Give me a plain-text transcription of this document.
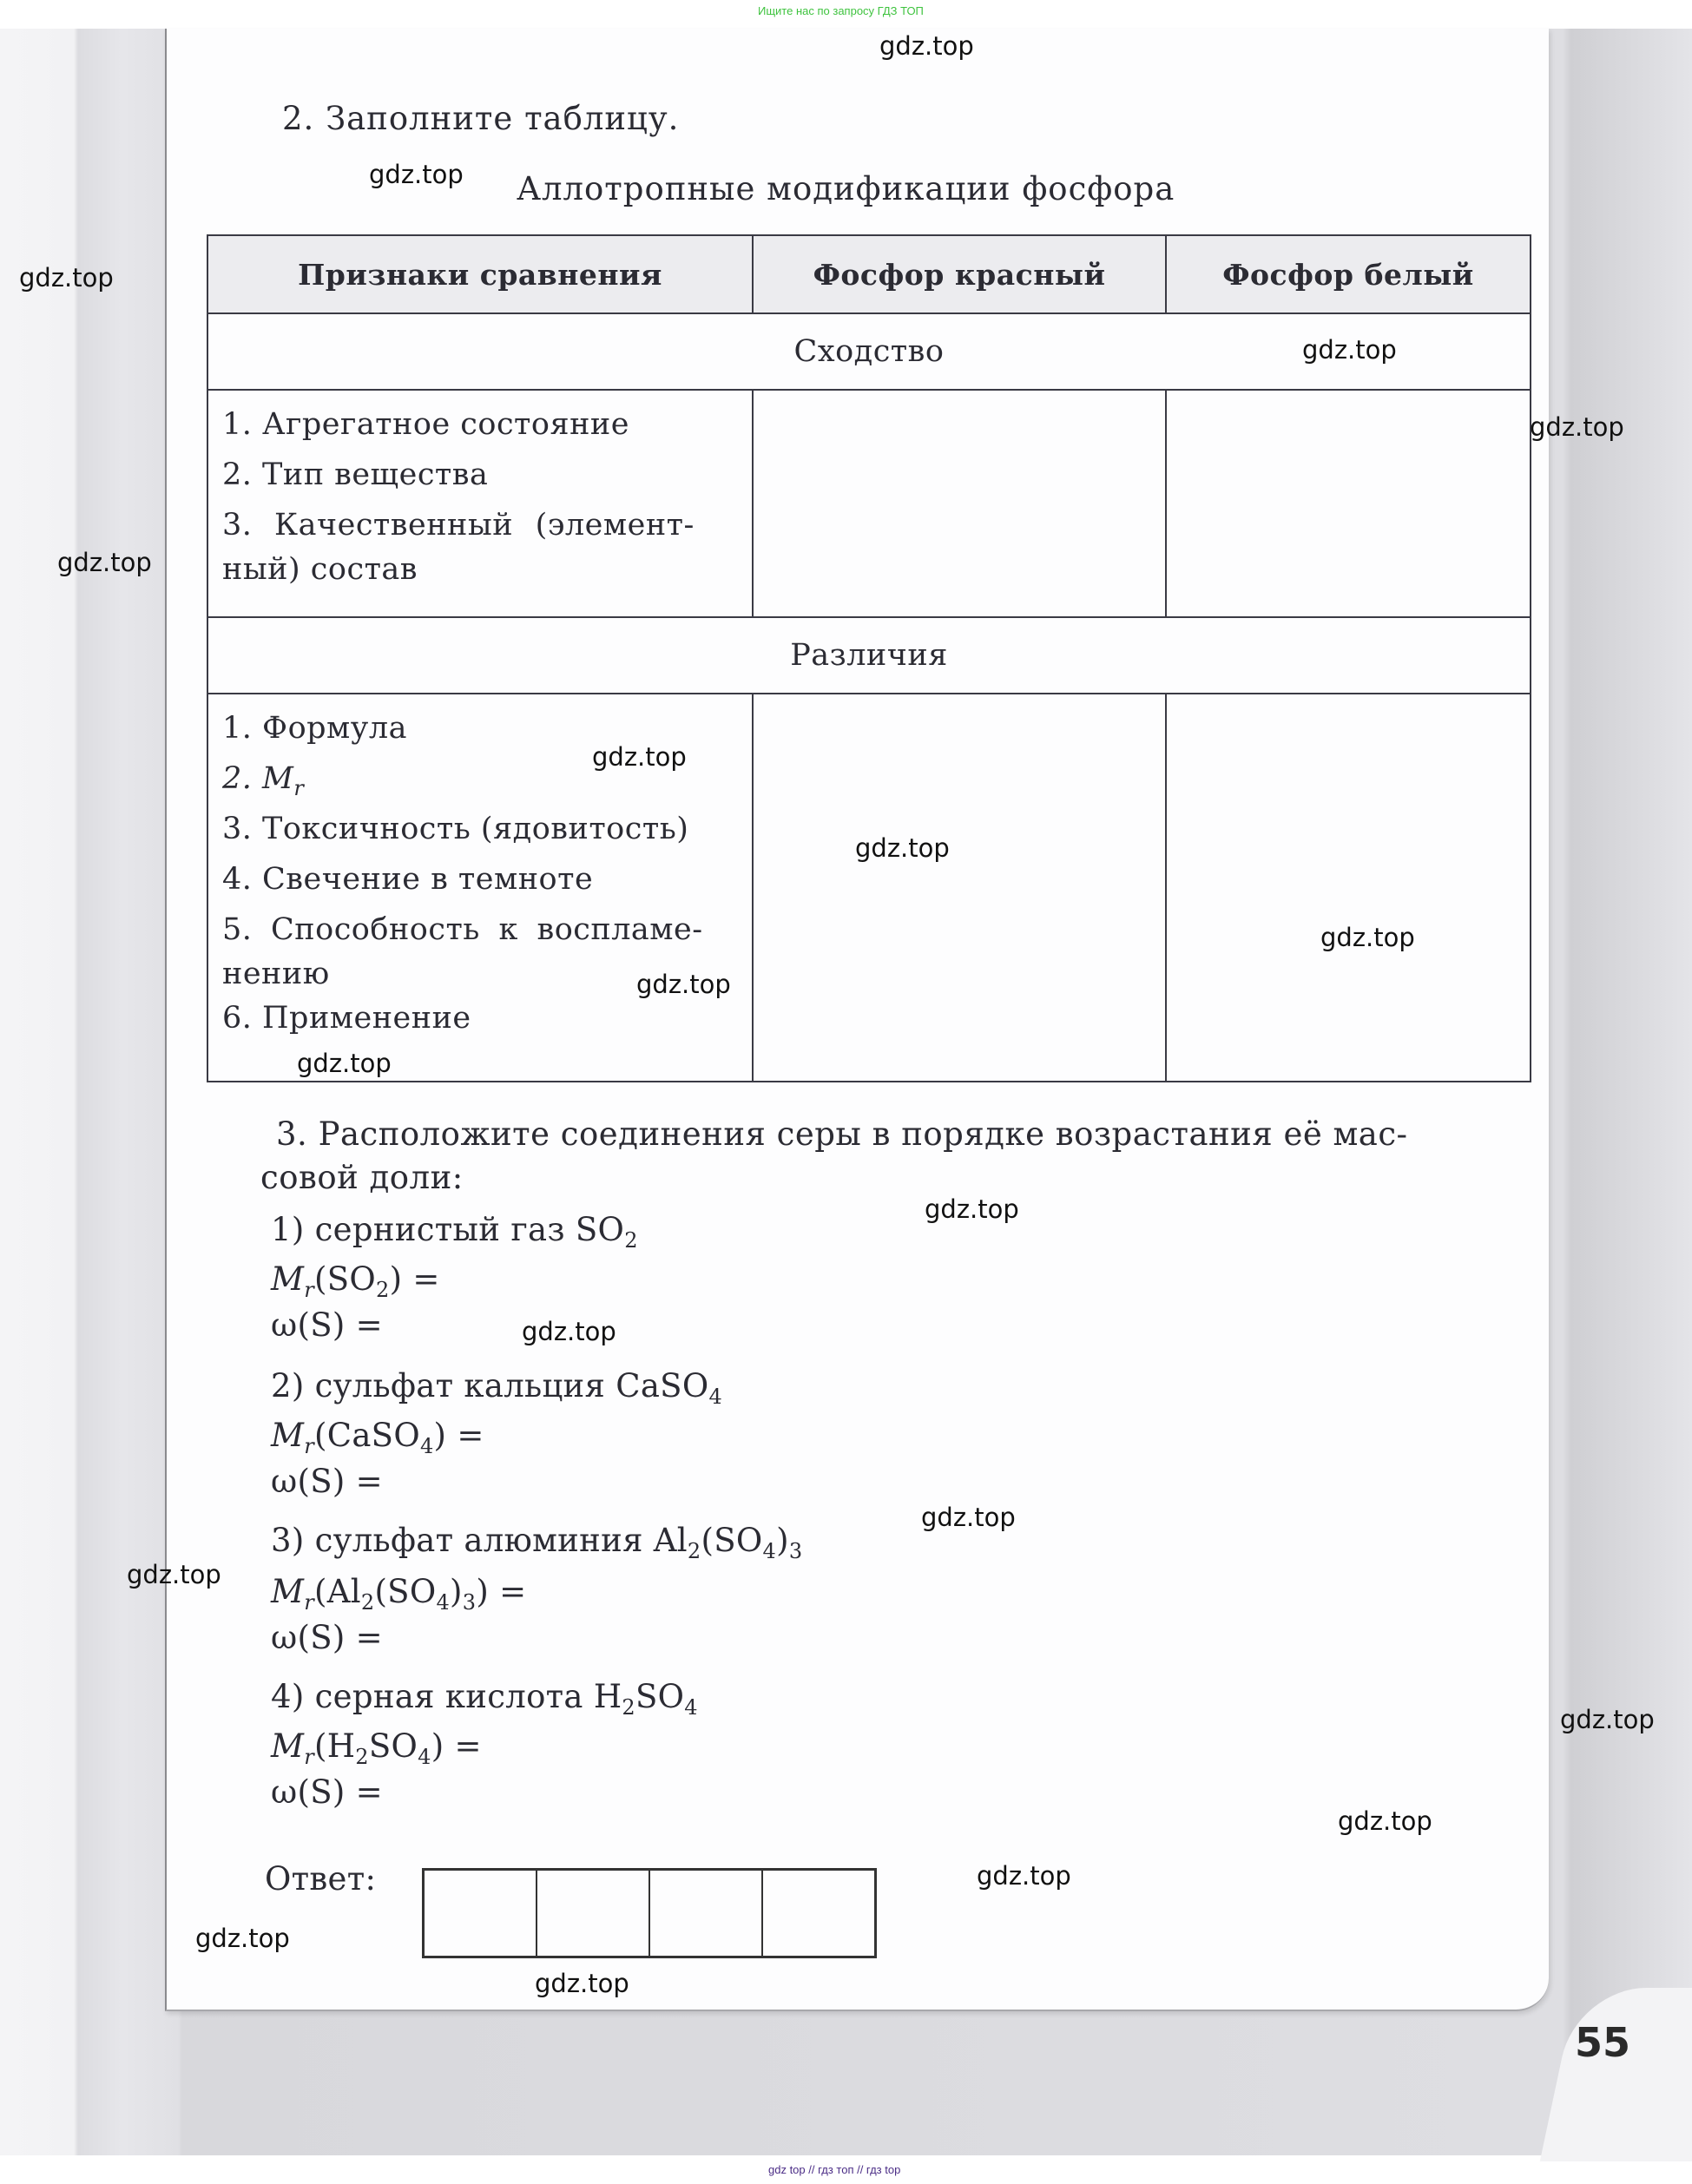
Ищите нас по запросу ГДЗ ТОП
2. Заполните таблицу.
Аллотропные модификации фосфора
Признаки сравнения	Фосфор красный	Фосфор белый
Сходство		

1. Агрегатное состояние
2. Тип вещества
3. Качественный (элемент-
ный) состав		

Различия		

1. Формула
2. $M_r$
3. Токсичность (ядовитость)
4. Свечение в темноте
5. Способность к воспламе-
нению
6. Применение

3. Расположите соединения серы в порядке возрастания её мас-
совой доли:
1) сернистый газ $SO_2$
$M_r(SO_2)$ =
ω(S) =
2) сульфат кальция CaSO$_4$
$M_r(CaSO_4)$ =
ω(S) =
3) сульфат алюминия $Al_2(SO_4)_3$
$M_r(Al_2(SO_4)_3)$ =
ω(S) =
4) серная кислота $H_2SO_4$
$M_r(H_2SO_4)$ =
ω(S) =
Ответ:
55
gdz.top
gdz.top
gdz.top
gdz.top
gdz.top
gdz.top
gdz.top
gdz.top
gdz.top
gdz.top
gdz.top
gdz.top
gdz.top
gdz.top
gdz.top
gdz.top
gdz.top
gdz.top
gdz.top
gdz.top
gdz top // гдз топ // гдз top
